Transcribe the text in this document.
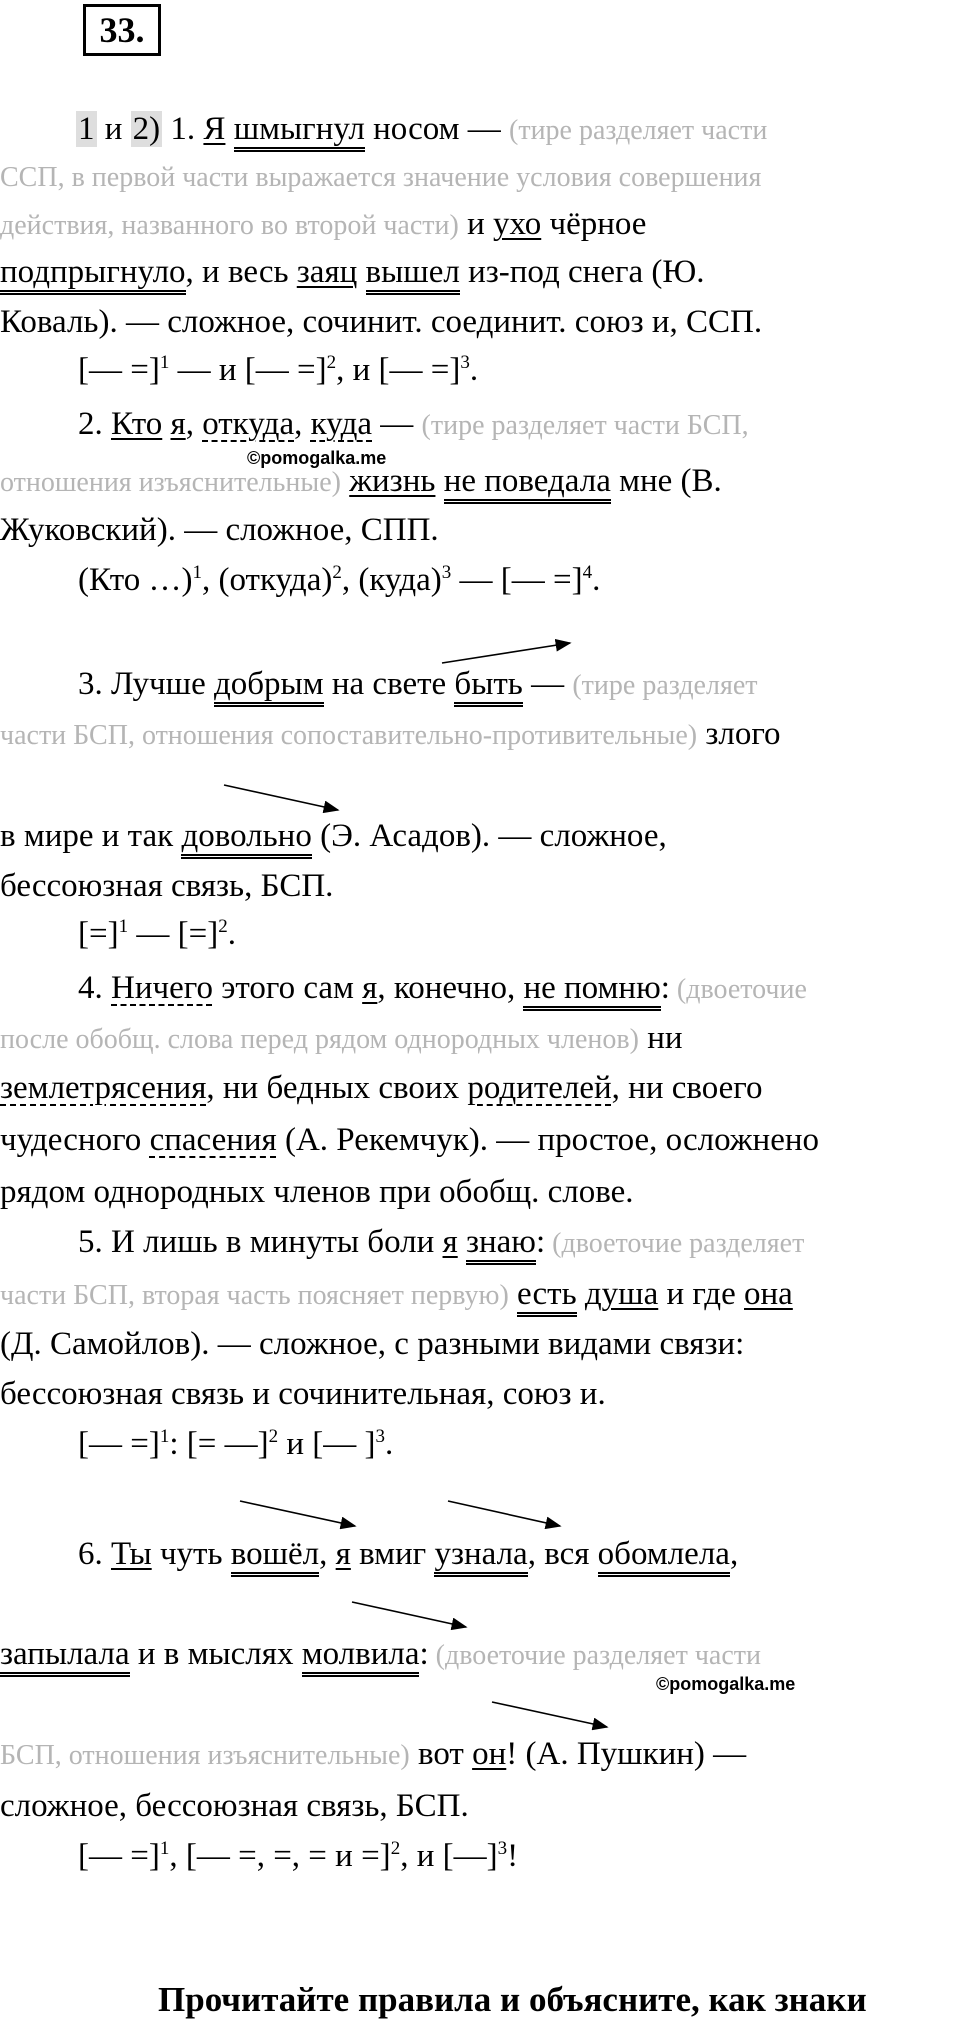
33.
1 и 2) 1. Я шмыгнул носом — (тире разделяет части
ССП, в первой части выражается значение условия совершения
действия, названного во второй части) и ухо чёрное
подпрыгнуло, и весь заяц вышел из-под снега (Ю.
Коваль). — сложное, сочинит. соединит. союз и, ССП.
[— =]$^1$ — и [— =]$^2$, и [— =]$^3$.
2. Кто я, откуда, куда — (тире разделяет части БСП,
©pomogalka.me
отношения изъяснительные) жизнь не поведала мне (В.
Жуковский). — сложное, СПП.
(Кто …)$^1$, (откуда)$^2$, (куда)$^3$ — [— =]$^4$.
3. Лучше добрым на свете быть — (тире разделяет
части БСП, отношения сопоставительно-противительные) злого
в мире и так довольно (Э. Асадов). — сложное,
бессоюзная связь, БСП.
[=]$^1$ — [=]$^2$.
4. Ничего этого сам я, конечно, не помню: (двоеточие
после обобщ. слова перед рядом однородных членов) ни
землетрясения, ни бедных своих родителей, ни своего
чудесного спасения (А. Рекемчук). — простое, осложнено
рядом однородных членов при обобщ. слове.
5. И лишь в минуты боли я знаю: (двоеточие разделяет
части БСП, вторая часть поясняет первую) есть душа и где она
(Д. Самойлов). — сложное, с разными видами связи:
бессоюзная связь и сочинительная, союз и.
[— =]$^1$: [= —]$^2$ и [— ]$^3$.
6. Ты чуть вошёл, я вмиг узнала, вся обомлела,
запылала и в мыслях молвила: (двоеточие разделяет части
©pomogalka.me
БСП, отношения изъяснительные) вот он! (А. Пушкин) —
сложное, бессоюзная связь, БСП.
[— =]$^1$, [— =, =, = и =]$^2$, и [—]$^3$!
Прочитайте правила и объясните, как знаки
